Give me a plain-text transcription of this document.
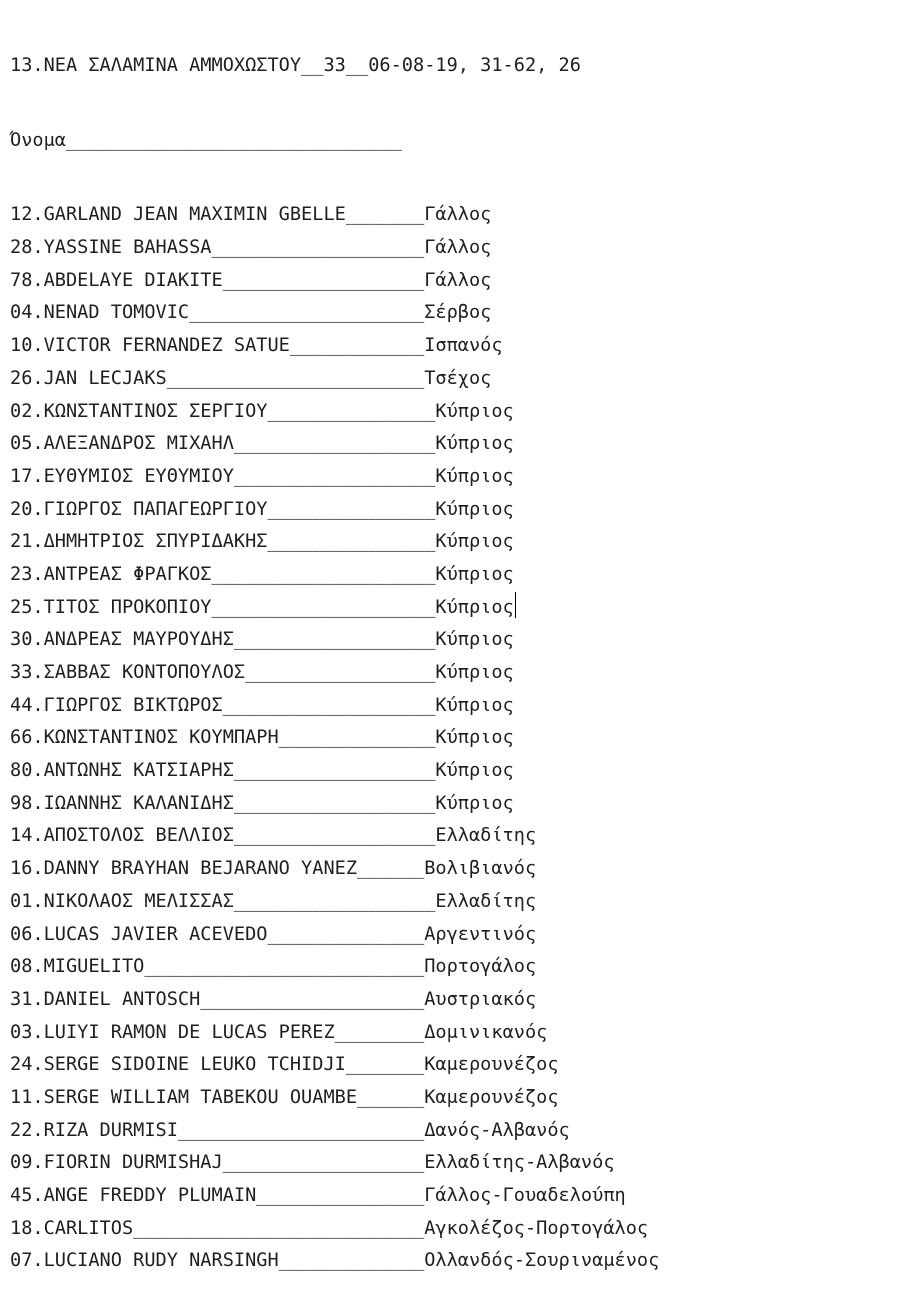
13.ΝΕΑ ΣΑΛΑΜΙΝΑ ΑΜΜΟΧΩΣΤΟΥ__33__06-08-19, 31-62, 26

Όνομα______________________________

12.GARLAND JEAN MAXIMIN GBELLE_______Γάλλος
28.YASSINE BAHASSA___________________Γάλλος
78.ABDELAYE DIAKITE__________________Γάλλος
04.NENAD TOMOVIC_____________________Σέρβος
10.VICTOR FERNANDEZ SATUE____________Ισπανός
26.JAN LECJAKS_______________________Τσέχος
02.ΚΩΝΣΤΑΝΤΙΝΟΣ ΣΕΡΓΙΟΥ_______________Κύπριος
05.ΑΛΕΞΑΝΔΡΟΣ ΜΙΧΑΗΛ__________________Κύπριος
17.ΕΥΘΥΜΙΟΣ ΕΥΘΥΜΙΟΥ__________________Κύπριος
20.ΓΙΩΡΓΟΣ ΠΑΠΑΓΕΩΡΓΙΟΥ_______________Κύπριος
21.ΔΗΜΗΤΡΙΟΣ ΣΠΥΡΙΔΑΚΗΣ_______________Κύπριος
23.ΑΝΤΡΕΑΣ ΦΡΑΓΚΟΣ____________________Κύπριος
25.ΤΙΤΟΣ ΠΡΟΚΟΠΙΟΥ____________________Κύπριος
30.ΑΝΔΡΕΑΣ ΜΑΥΡΟΥΔΗΣ__________________Κύπριος
33.ΣΑΒΒΑΣ ΚΟΝΤΟΠΟΥΛΟΣ_________________Κύπριος
44.ΓΙΩΡΓΟΣ ΒΙΚΤΩΡΟΣ___________________Κύπριος
66.ΚΩΝΣΤΑΝΤΙΝΟΣ ΚΟΥΜΠΑΡΗ______________Κύπριος
80.ΑΝΤΩΝΗΣ ΚΑΤΣΙΑΡΗΣ__________________Κύπριος
98.ΙΩΑΝΝΗΣ ΚΑΛΑΝΙΔΗΣ__________________Κύπριος
14.ΑΠΟΣΤΟΛΟΣ ΒΕΛΛΙΟΣ__________________Ελλαδίτης
16.DANNY BRAYHAN BEJARANO YANEZ______Βολιβιανός
01.ΝΙΚΟΛΑΟΣ ΜΕΛΙΣΣΑΣ__________________Ελλαδίτης
06.LUCAS JAVIER ACEVEDO______________Αργεντινός
08.MIGUELITO_________________________Πορτογάλος
31.DANIEL ANTOSCH____________________Αυστριακός
03.LUIYI RAMON DE LUCAS PEREZ________Δομινικανός
24.SERGE SIDOINE LEUKO TCHIDJI_______Καμερουνέζος
11.SERGE WILLIAM TABEKOU OUAMBE______Καμερουνέζος
22.RIZA DURMISI______________________Δανός-Αλβανός
09.FIORIN DURMISHAJ__________________Ελλαδίτης-Αλβανός
45.ANGE FREDDY PLUMAIN_______________Γάλλος-Γουαδελούπη
18.CARLITOS__________________________Αγκολέζος-Πορτογάλος
07.LUCIANO RUDY NARSINGH_____________Ολλανδός-Σουριναμένος
